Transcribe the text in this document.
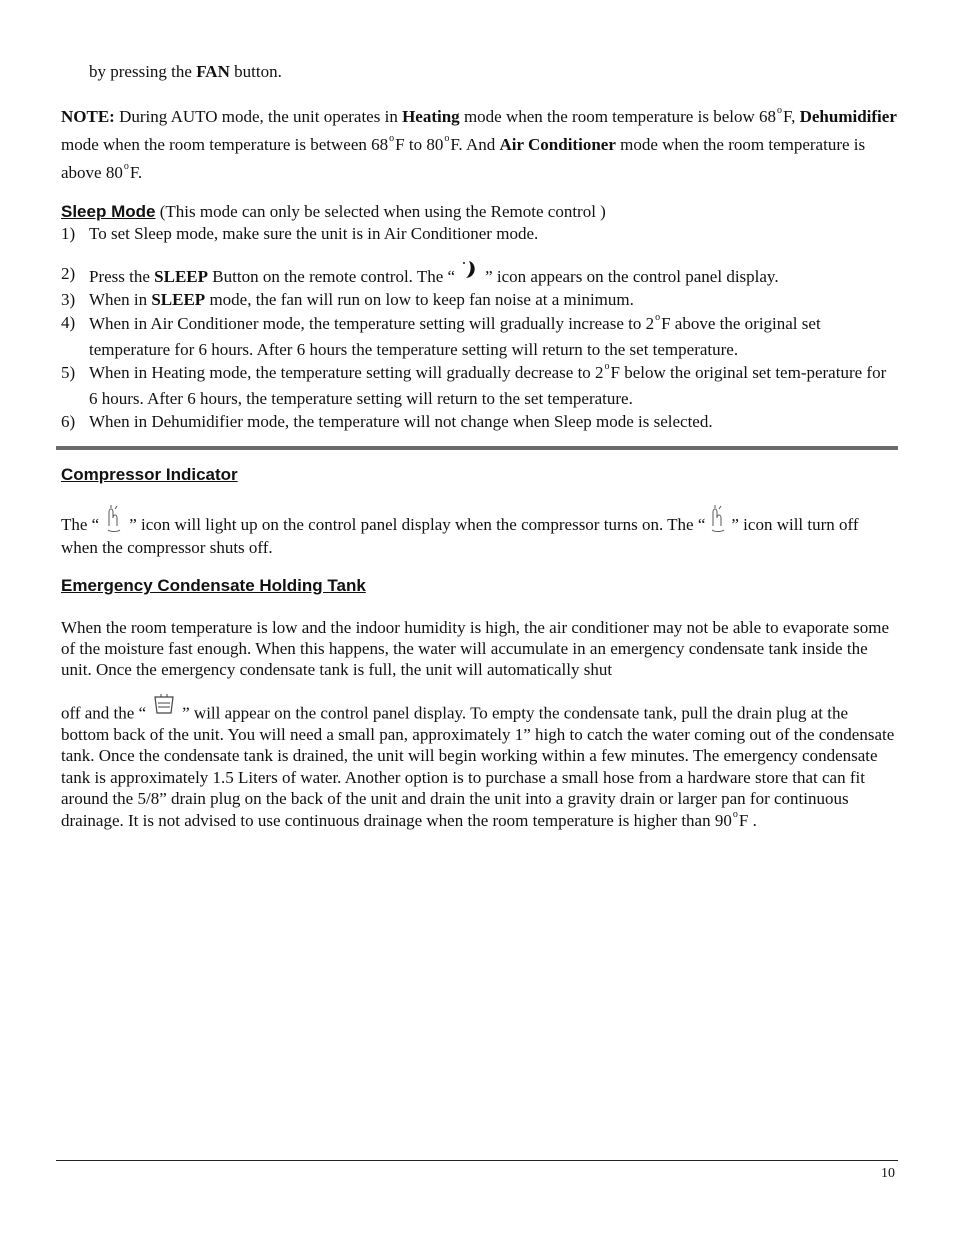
by pressing the FAN button.

NOTE: During AUTO mode, the unit operates in Heating mode when the room temperature is below 68$^o$F, Dehumidifier mode when the room temperature is between 68$^o$F to 80$^o$F. And Air Conditioner mode when the room temperature is above 80$^o$F.

Sleep Mode (This mode can only be selected when using the Remote control )

1) To set Sleep mode, make sure the unit is in Air Conditioner mode.
2) Press the SLEEP Button on the remote control. The “ ” icon appears on the control panel display.
3) When in SLEEP mode, the fan will run on low to keep fan noise at a minimum.
4) When in Air Conditioner mode, the temperature setting will gradually increase to 2$^o$F above the original set temperature for 6 hours. After 6 hours the temperature setting will return to the set temperature.
5) When in Heating mode, the temperature setting will gradually decrease to 2$^o$F below the original set tem-perature for 6 hours. After 6 hours, the temperature setting will return to the set temperature.
6) When in Dehumidifier mode, the temperature will not change when Sleep mode is selected.

Compressor Indicator

The “ ” icon will light up on the control panel display when the compressor turns on. The “ ” icon will turn off when the compressor shuts off.

Emergency Condensate Holding Tank

When the room temperature is low and the indoor humidity is high, the air conditioner may not be able to evaporate some of the moisture fast enough. When this happens, the water will accumulate in an emergency condensate tank inside the unit. Once the emergency condensate tank is full, the unit will automatically shut

off and the “ ” will appear on the control panel display. To empty the condensate tank, pull the drain plug at the bottom back of the unit. You will need a small pan, approximately 1” high to catch the water coming out of the condensate tank. Once the condensate tank is drained, the unit will begin working within a few minutes. The emergency condensate tank is approximately 1.5 Liters of water. Another option is to purchase a small hose from a hardware store that can fit around the 5/8” drain plug on the back of the unit and drain the unit into a gravity drain or larger pan for continuous drainage. It is not advised to use continuous drainage when the room temperature is higher than 90$^o$F .

10
